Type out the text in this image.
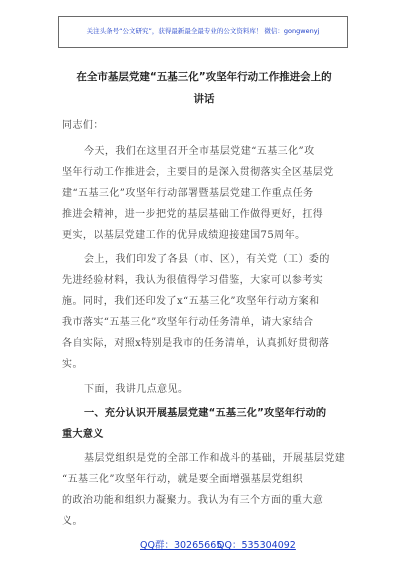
关注头条号“公文研究”，获得最新最全最专业的公文资料库！ 微信：gongwenyj
在全市基层党建“五基三化”攻坚年行动工作推进会上的
讲话
同志们：
今天，我们在这里召开全市基层党建“五基三化”攻
坚年行动工作推进会，主要目的是深入贯彻落实全区基层党
建“五基三化”攻坚年行动部署暨基层党建工作重点任务
推进会精神，进一步把党的基层基础工作做得更好，扛得
更实，以基层党建工作的优异成绩迎接建国75周年。
会上，我们印发了各县（市、区），有关党（工）委的
先进经验材料，我认为很值得学习借鉴，大家可以参考实
施。同时，我们还印发了x“五基三化”攻坚年行动方案和
我市落实“五基三化”攻坚年行动任务清单，请大家结合
各自实际，对照x特别是我市的任务清单，认真抓好贯彻落
实。
下面，我讲几点意见。
一、充分认识开展基层党建“五基三化”攻坚年行动的
重大意义
基层党组织是党的全部工作和战斗的基础，开展基层党建
“五基三化”攻坚年行动，就是要全面增强基层党组织
的政治功能和组织力凝聚力。我认为有三个方面的重大意
义。
QQ群：30265665
QQ：535304092
